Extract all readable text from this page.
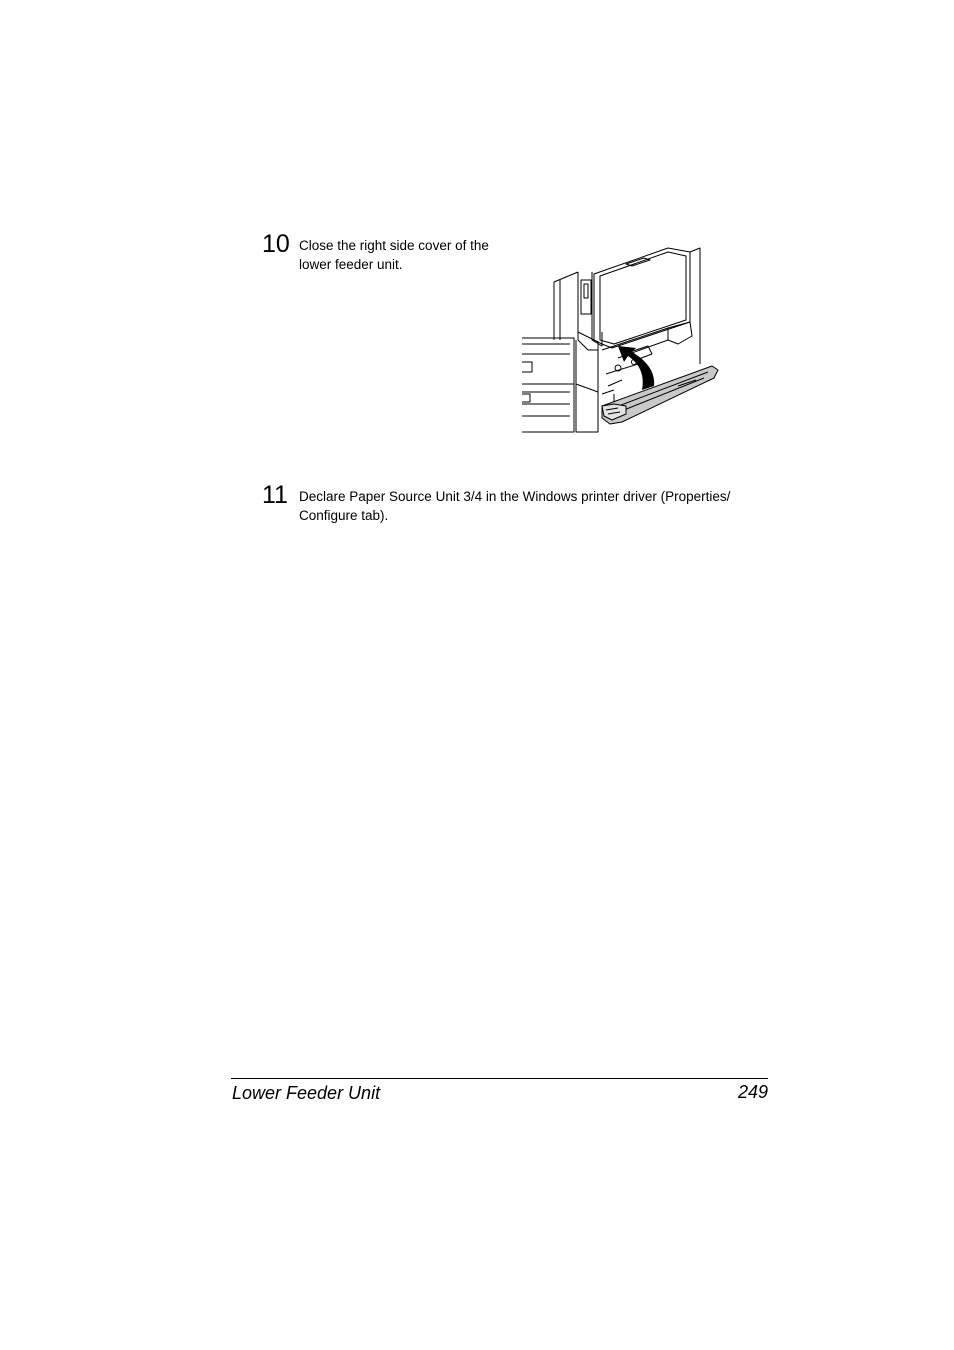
10 Close the right side cover of the lower feeder unit.
11 Declare Paper Source Unit 3/4 in the Windows printer driver (Properties/ Configure tab).
Lower Feeder Unit	249
